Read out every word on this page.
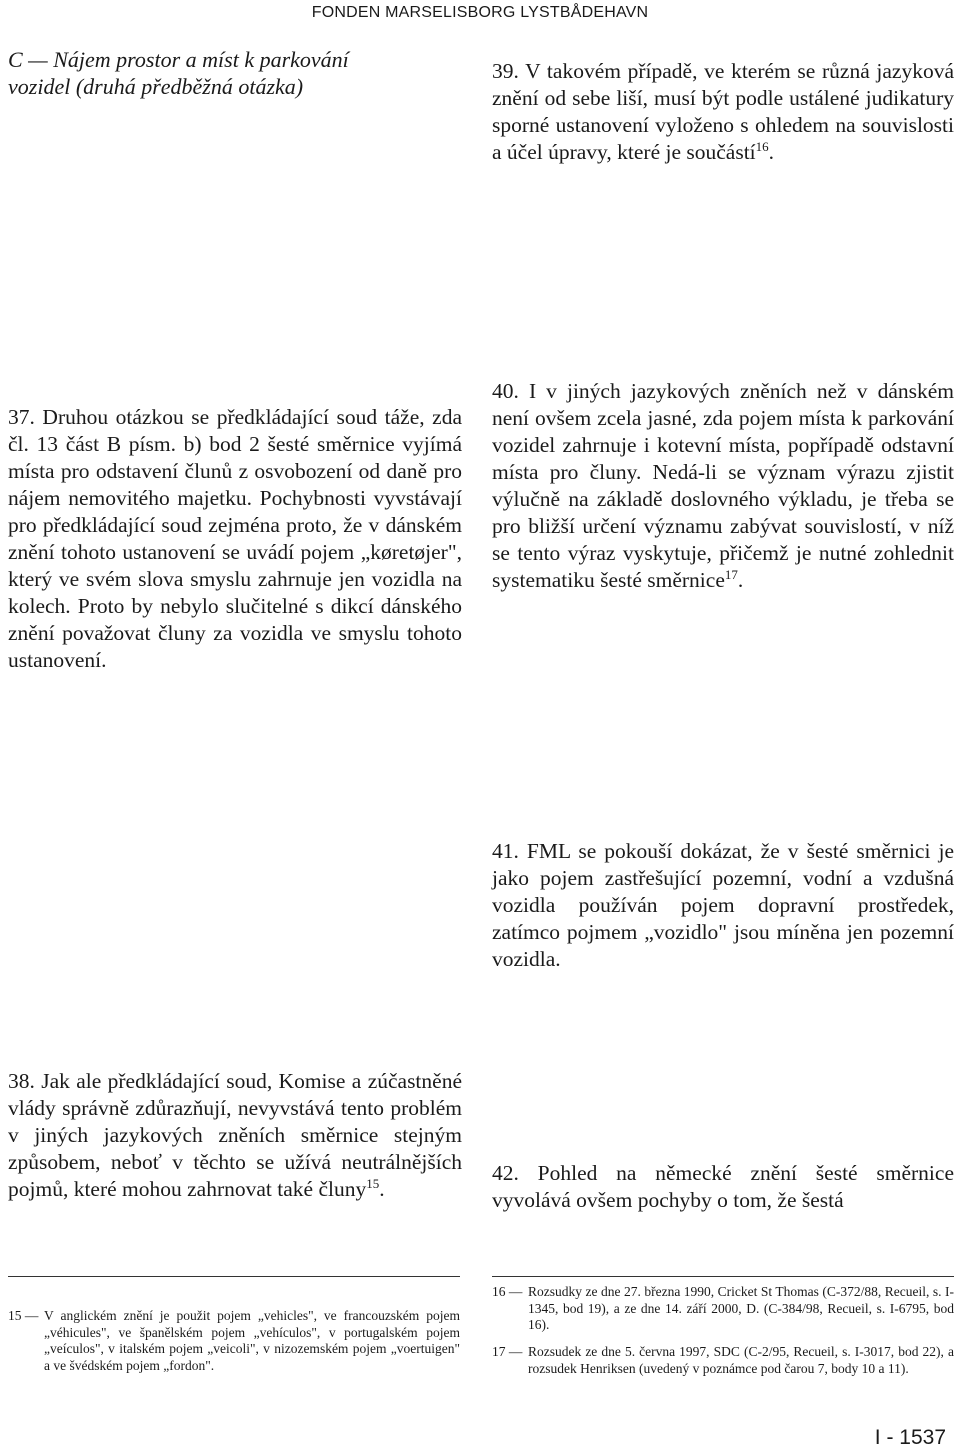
FONDEN MARSELISBORG LYSTBÅDEHAVN
C — Nájem prostor a míst k parkování
vozidel (druhá předběžná otázka)
39. V takovém případě, ve kterém se různá jazyková znění od sebe liší, musí být podle ustálené judikatury sporné ustanovení vyloženo s ohledem na souvislosti a účel úpravy, které je součástí$^{16}$.
37. Druhou otázkou se předkládající soud táže, zda čl. 13 část B písm. b) bod 2 šesté směrnice vyjímá místa pro odstavení člunů z osvobození od daně pro nájem nemovitého majetku. Pochybnosti vyvstávají pro předkládající soud zejména proto, že v dánském znění tohoto ustanovení se uvádí pojem „køretøjer", který ve svém slova smyslu zahrnuje jen vozidla na kolech. Proto by nebylo slučitelné s dikcí dánského znění považovat čluny za vozidla ve smyslu tohoto ustanovení.
40. I v jiných jazykových zněních než v dánském není ovšem zcela jasné, zda pojem místa k parkování vozidel zahrnuje i kotevní místa, popřípadě odstavní místa pro čluny. Nedá-li se význam výrazu zjistit výlučně na základě doslovného výkladu, je třeba se pro bližší určení významu zabývat souvislostí, v níž se tento výraz vyskytuje, přičemž je nutné zohlednit systematiku šesté směrnice$^{17}$.
41. FML se pokouší dokázat, že v šesté směrnici je jako pojem zastřešující pozemní, vodní a vzdušná vozidla používán pojem dopravní prostředek, zatímco pojmem „vozidlo" jsou míněna jen pozemní vozidla.
38. Jak ale předkládající soud, Komise a zúčastněné vlády správně zdůrazňují, nevyvstává tento problém v jiných jazykových zněních směrnice stejným způsobem, neboť v těchto se užívá neutrálnějších pojmů, které mohou zahrnovat také čluny$^{15}$.
42. Pohled na německé znění šesté směrnice vyvolává ovšem pochyby o tom, že šestá
15 — V anglickém znění je použit pojem „vehicles", ve francouzském pojem „véhicules", ve španělském pojem „vehículos", v portugalském pojem „veículos", v italském pojem „veicoli", v nizozemském pojem „voertuigen" a ve švédském pojem „fordon".
16 — Rozsudky ze dne 27. března 1990, Cricket St Thomas (C-372/88, Recueil, s. I-1345, bod 19), a ze dne 14. září 2000, D. (C-384/98, Recueil, s. I-6795, bod 16).
17 — Rozsudek ze dne 5. června 1997, SDC (C-2/95, Recueil, s. I-3017, bod 22), a rozsudek Henriksen (uvedený v poznámce pod čarou 7, body 10 a 11).
I - 1537
